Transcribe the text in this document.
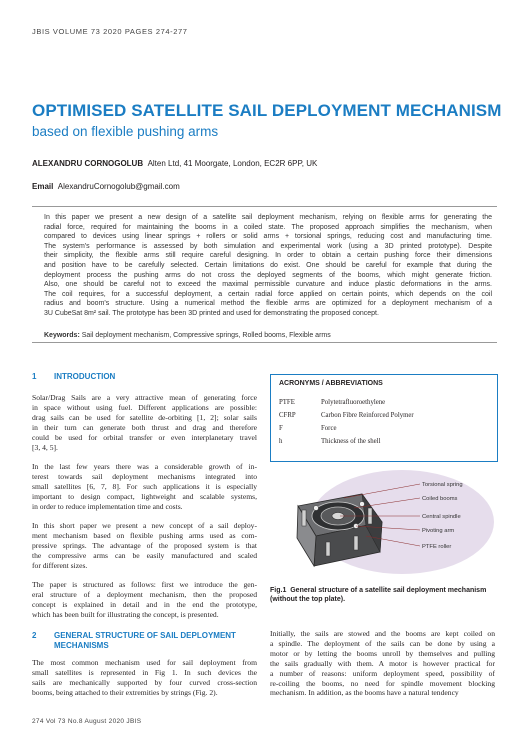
JBIS VOLUME 73 2020 PAGES 274-277
OPTIMISED SATELLITE SAIL DEPLOYMENT MECHANISM
based on flexible pushing arms
ALEXANDRU CORNOGOLUB Alten Ltd, 41 Moorgate, London, EC2R 6PP, UK
Email AlexandruCornogolub@gmail.com
In this paper we present a new design of a satellite sail deployment mechanism, relying on flexible arms for generating the
radial force, required for maintaining the booms in a coiled state. The proposed approach simplifies the mechanism, when
compared to devices using linear springs + rollers or solid arms + torsional springs, reducing cost and manufacturing time.
The system's performance is assessed by both simulation and experimental work (using a 3D printed prototype). Despite
their simplicity, the flexible arms still require careful designing. In order to obtain a certain pushing force their dimensions
and position have to be carefully selected. Certain limitations do exist. One should be careful for example that during the
deployment process the pushing arms do not cross the deployed segments of the booms, which might generate friction.
Also, one should be careful not to exceed the maximal permissible curvature and induce plastic deformations in the arms.
The coil requires, for a successful deployment, a certain radial force applied on certain points, which depends on the coil
radius and boom's structure. Using a numerical method the flexible arms are optimized for a deployment mechanism of a
3U CubeSat 8m² sail. The prototype has been 3D printed and used for demonstrating the proposed concept.
Keywords: Sail deployment mechanism, Compressive springs, Rolled booms, Flexible arms
1 INTRODUCTION
Solar/Drag Sails are a very attractive mean of generating force
in space without using fuel. Different applications are possible:
drag sails can be used for satellite de-orbiting [1, 2]; solar sails
in their turn can generate both thrust and drag and therefore
could be used for orbital transfer or even interplanetary travel
[3, 4, 5].
In the last few years there was a considerable growth of in-
terest towards sail deployment mechanisms integrated into
small satellites [6, 7, 8]. For such applications it is especially
important to design compact, lightweight and scalable systems,
in order to reduce implementation time and costs.
In this short paper we present a new concept of a sail deploy-
ment mechanism based on flexible pushing arms used as com-
pressive springs. The advantage of the proposed system is that
the compressive arms can be easily manufactured and scaled
for different sizes.
The paper is structured as follows: first we introduce the gen-
eral structure of a deployment mechanism, then the proposed
concept is explained in detail and in the end the prototype,
which has been built for illustrating the concept, is presented.
2 GENERAL STRUCTURE OF SAIL DEPLOYMENT
MECHANISMS
The most common mechanism used for sail deployment from
small satellites is represented in Fig 1. In such devices the
sails are mechanically supported by four curved cross-section
booms, being attached to their extremities by strings (Fig. 2).
ACRONYMS / ABBREVIATIONS
PTFE	Polytetrafluoroethylene
CFRP	Carbon Fibre Reinforced Polymer
F	Force
h	Thickness of the shell
Torsional spring
Coiled booms
Central spindle
Pivoting arm
PTFE roller
Fig.1 General structure of a satellite sail deployment mechanism
(without the top plate).
Initially, the sails are stowed and the booms are kept coiled on
a spindle. The deployment of the sails can be done by using a
motor or by letting the booms unroll by themselves and pulling
the sails gradually with them. A motor is however practical for
a number of reasons: uniform deployment speed, possibility of
re-coiling the booms, no need for spindle movement blocking
mechanism. In addition, as the booms have a natural tendency
274 Vol 73 No.8 August 2020 JBIS
